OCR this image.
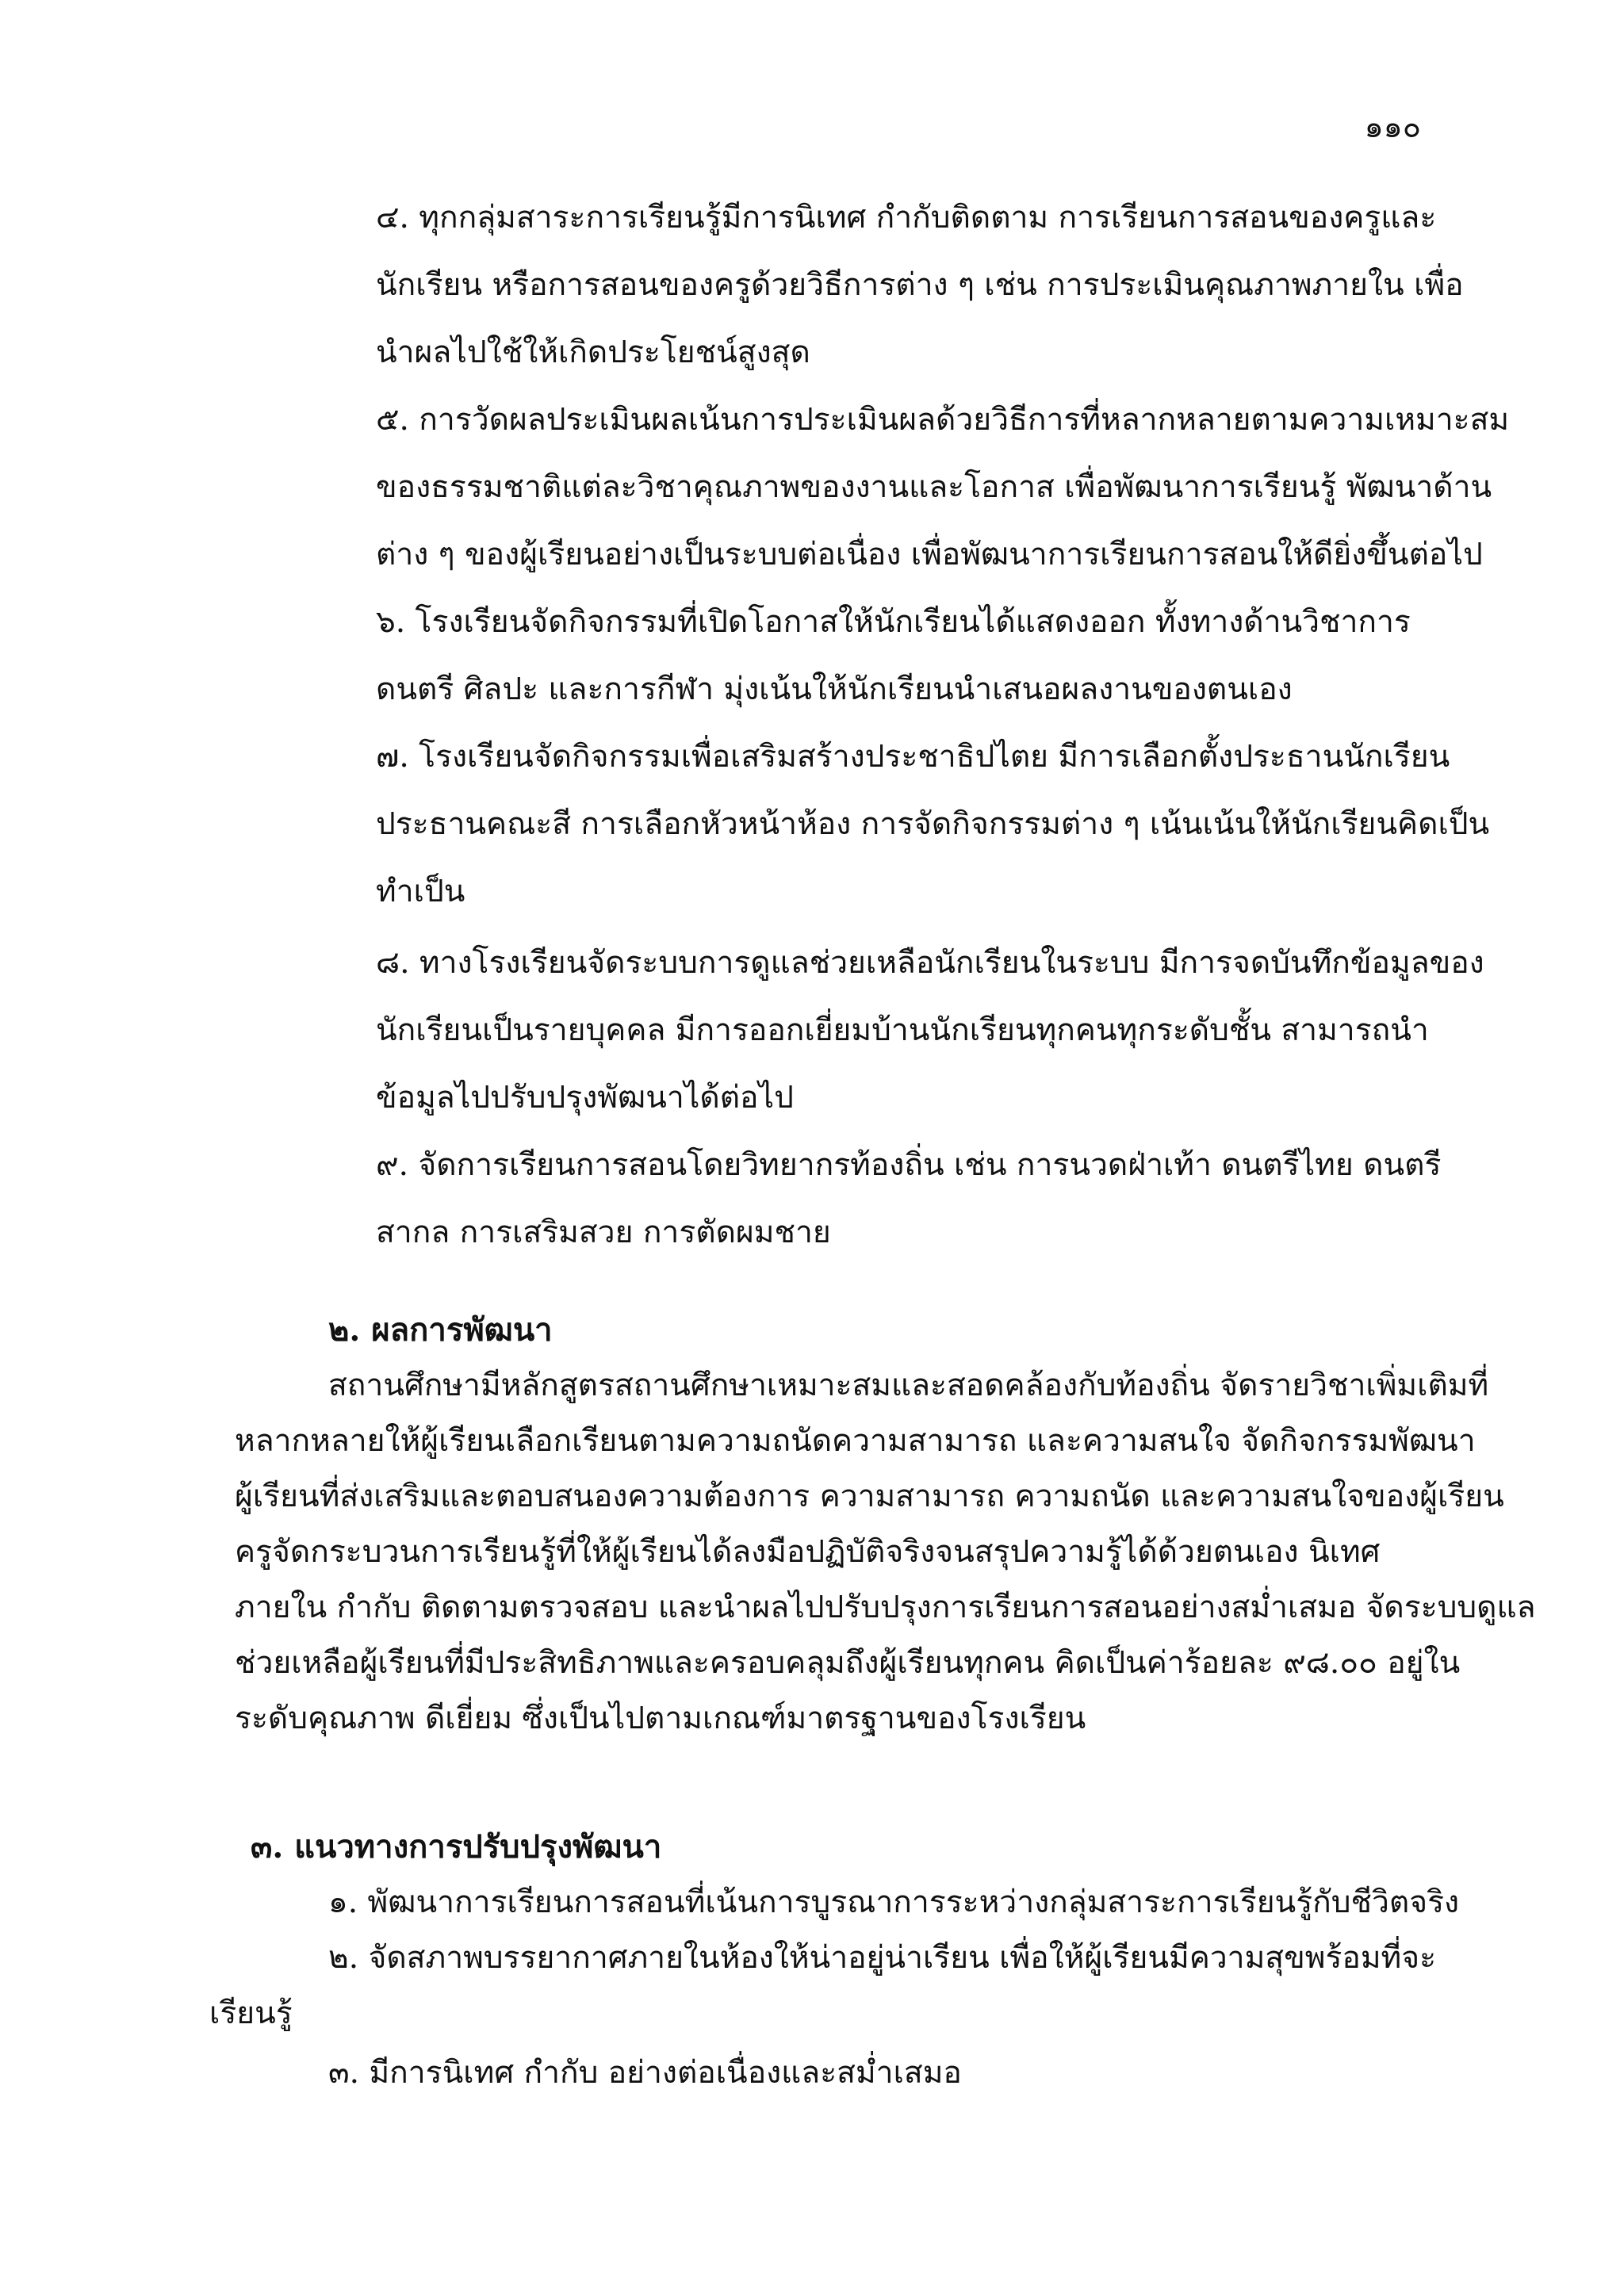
๑๑๐
๔. ทุกกลุ่มสาระการเรียนรู้มีการนิเทศ กำกับติดตาม การเรียนการสอนของครูและ
นักเรียน หรือการสอนของครูด้วยวิธีการต่าง ๆ เช่น การประเมินคุณภาพภายใน เพื่อ
นำผลไปใช้ให้เกิดประโยชน์สูงสุด
๕. การวัดผลประเมินผลเน้นการประเมินผลด้วยวิธีการที่หลากหลายตามความเหมาะสม
ของธรรมชาติแต่ละวิชาคุณภาพของงานและโอกาส เพื่อพัฒนาการเรียนรู้ พัฒนาด้าน
ต่าง ๆ ของผู้เรียนอย่างเป็นระบบต่อเนื่อง เพื่อพัฒนาการเรียนการสอนให้ดียิ่งขึ้นต่อไป
๖. โรงเรียนจัดกิจกรรมที่เปิดโอกาสให้นักเรียนได้แสดงออก ทั้งทางด้านวิชาการ
ดนตรี ศิลปะ และการกีฬา มุ่งเน้นให้นักเรียนนำเสนอผลงานของตนเอง
๗. โรงเรียนจัดกิจกรรมเพื่อเสริมสร้างประชาธิปไตย มีการเลือกตั้งประธานนักเรียน
ประธานคณะสี การเลือกหัวหน้าห้อง การจัดกิจกรรมต่าง ๆ เน้นเน้นให้นักเรียนคิดเป็น
ทำเป็น
๘. ทางโรงเรียนจัดระบบการดูแลช่วยเหลือนักเรียนในระบบ มีการจดบันทึกข้อมูลของ
นักเรียนเป็นรายบุคคล มีการออกเยี่ยมบ้านนักเรียนทุกคนทุกระดับชั้น สามารถนำ
ข้อมูลไปปรับปรุงพัฒนาได้ต่อไป
๙. จัดการเรียนการสอนโดยวิทยากรท้องถิ่น เช่น การนวดฝ่าเท้า ดนตรีไทย ดนตรี
สากล การเสริมสวย การตัดผมชาย
๒. ผลการพัฒนา
สถานศึกษามีหลักสูตรสถานศึกษาเหมาะสมและสอดคล้องกับท้องถิ่น จัดรายวิชาเพิ่มเติมที่
หลากหลายให้ผู้เรียนเลือกเรียนตามความถนัดความสามารถ และความสนใจ จัดกิจกรรมพัฒนา
ผู้เรียนที่ส่งเสริมและตอบสนองความต้องการ ความสามารถ ความถนัด และความสนใจของผู้เรียน
ครูจัดกระบวนการเรียนรู้ที่ให้ผู้เรียนได้ลงมือปฏิบัติจริงจนสรุปความรู้ได้ด้วยตนเอง นิเทศ
ภายใน กำกับ ติดตามตรวจสอบ และนำผลไปปรับปรุงการเรียนการสอนอย่างสม่ำเสมอ จัดระบบดูแล
ช่วยเหลือผู้เรียนที่มีประสิทธิภาพและครอบคลุมถึงผู้เรียนทุกคน คิดเป็นค่าร้อยละ ๙๘.๐๐ อยู่ใน
ระดับคุณภาพ ดีเยี่ยม ซึ่งเป็นไปตามเกณฑ์มาตรฐานของโรงเรียน
๓. แนวทางการปรับปรุงพัฒนา
๑. พัฒนาการเรียนการสอนที่เน้นการบูรณาการระหว่างกลุ่มสาระการเรียนรู้กับชีวิตจริง
๒. จัดสภาพบรรยากาศภายในห้องให้น่าอยู่น่าเรียน เพื่อให้ผู้เรียนมีความสุขพร้อมที่จะ
เรียนรู้
๓. มีการนิเทศ กำกับ อย่างต่อเนื่องและสม่ำเสมอ
